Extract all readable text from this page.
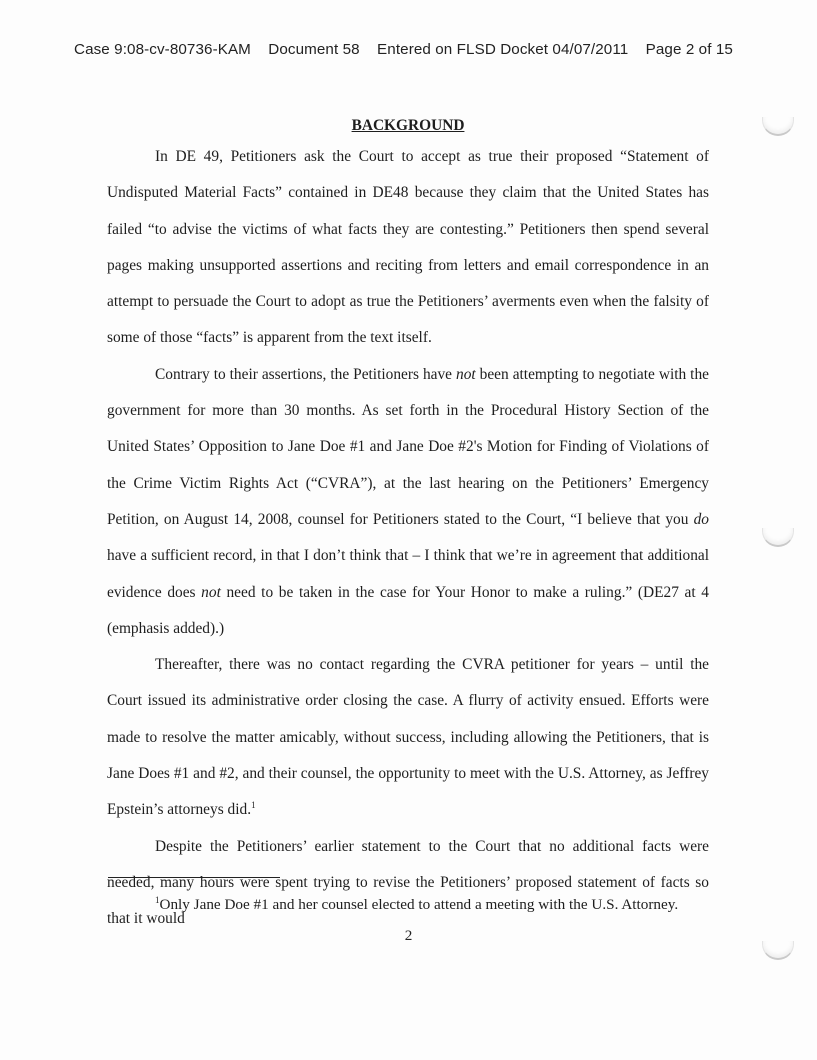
Case 9:08-cv-80736-KAM Document 58 Entered on FLSD Docket 04/07/2011 Page 2 of 15
BACKGROUND

In DE 49, Petitioners ask the Court to accept as true their proposed “Statement of Undisputed Material Facts” contained in DE48 because they claim that the United States has failed “to advise the victims of what facts they are contesting.” Petitioners then spend several pages making unsupported assertions and reciting from letters and email correspondence in an attempt to persuade the Court to adopt as true the Petitioners’ averments even when the falsity of some of those “facts” is apparent from the text itself.

Contrary to their assertions, the Petitioners have not been attempting to negotiate with the government for more than 30 months. As set forth in the Procedural History Section of the United States’ Opposition to Jane Doe #1 and Jane Doe #2's Motion for Finding of Violations of the Crime Victim Rights Act (“CVRA”), at the last hearing on the Petitioners’ Emergency Petition, on August 14, 2008, counsel for Petitioners stated to the Court, “I believe that you do have a sufficient record, in that I don’t think that – I think that we’re in agreement that additional evidence does not need to be taken in the case for Your Honor to make a ruling.” (DE27 at 4 (emphasis added).)

Thereafter, there was no contact regarding the CVRA petitioner for years – until the Court issued its administrative order closing the case. A flurry of activity ensued. Efforts were made to resolve the matter amicably, without success, including allowing the Petitioners, that is Jane Does #1 and #2, and their counsel, the opportunity to meet with the U.S. Attorney, as Jeffrey Epstein’s attorneys did.$^1$

Despite the Petitioners’ earlier statement to the Court that no additional facts were needed, many hours were spent trying to revise the Petitioners’ proposed statement of facts so that it would

$^1$Only Jane Doe #1 and her counsel elected to attend a meeting with the U.S. Attorney.
2
